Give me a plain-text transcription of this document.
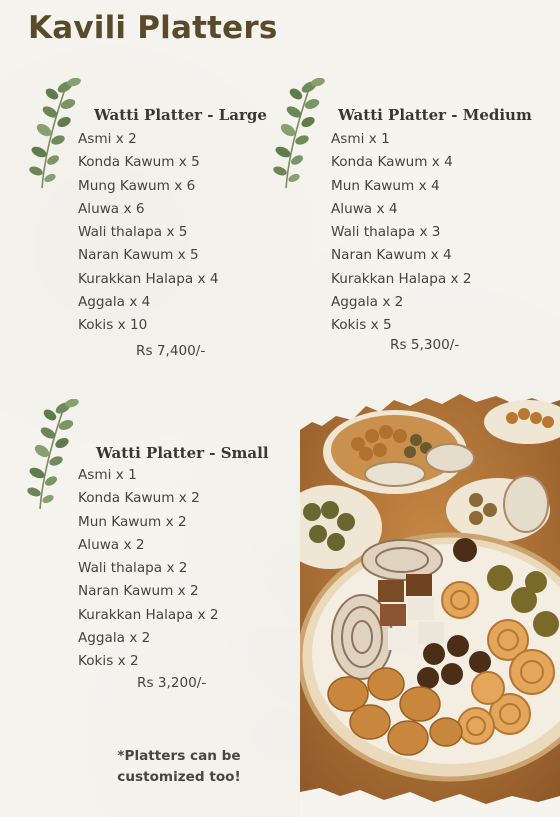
Kavili Platters
Watti Platter - Large
Asmi x 2
Konda Kawum x 5
Mung Kawum x 6
Aluwa x 6
Wali thalapa x 5
Naran Kawum x 5
Kurakkan Halapa x 4
Aggala x 4
Kokis x 10
Rs 7,400/-
Watti Platter - Medium
Asmi x 1
Konda Kawum x 4
Mun Kawum x 4
Aluwa x 4
Wali thalapa x 3
Naran Kawum x 4
Kurakkan Halapa x 2
Aggala x 2
Kokis x 5
Rs 5,300/-
Watti Platter - Small
Asmi x 1
Konda Kawum x 2
Mun Kawum x 2
Aluwa x 2
Wali thalapa x 2
Naran Kawum x 2
Kurakkan Halapa x 2
Aggala x 2
Kokis x 2
Rs 3,200/-
*Platters can be
customized too!
